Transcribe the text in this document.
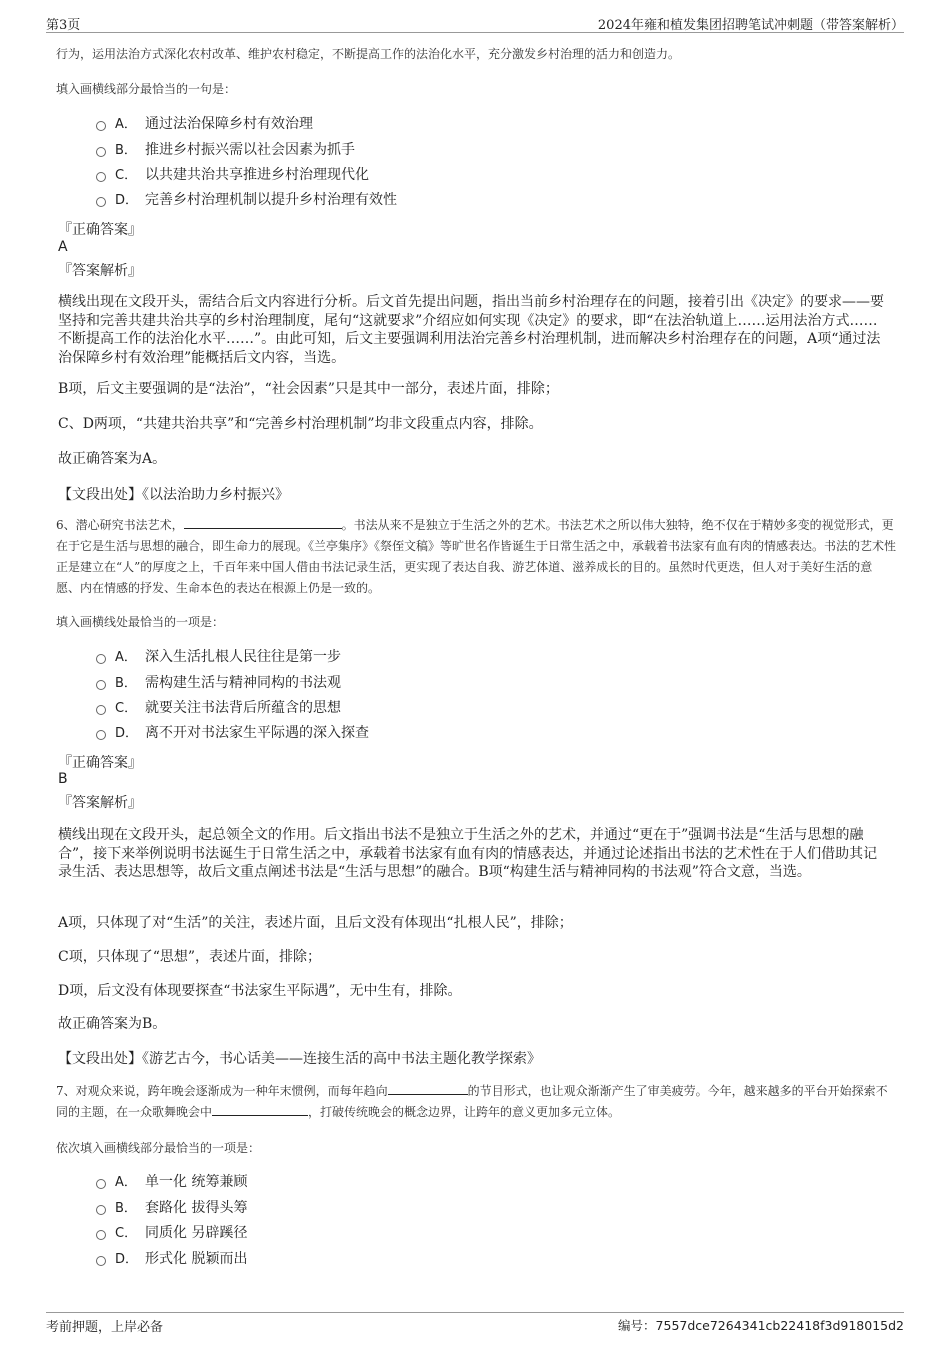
第3页	2024年雍和植发集团招聘笔试冲刺题（带答案解析）
行为，运用法治方式深化农村改革、维护农村稳定，不断提高工作的法治化水平，充分激发乡村治理的活力和创造力。
填入画横线部分最恰当的一句是：
A． 通过法治保障乡村有效治理
B． 推进乡村振兴需以社会因素为抓手
C． 以共建共治共享推进乡村治理现代化
D． 完善乡村治理机制以提升乡村治理有效性
『正确答案』
A
『答案解析』
横线出现在文段开头，需结合后文内容进行分析。后文首先提出问题，指出当前乡村治理存在的问题，接着引出《决定》的要求——要坚持和完善共建共治共享的乡村治理制度，尾句“这就要求”介绍应如何实现《决定》的要求，即“在法治轨道上……运用法治方式……不断提高工作的法治化水平……”。由此可知，后文主要强调利用法治完善乡村治理机制，进而解决乡村治理存在的问题，A项“通过法治保障乡村有效治理”能概括后文内容，当选。
B项，后文主要强调的是“法治”，“社会因素”只是其中一部分，表述片面，排除；
C、D两项，“共建共治共享”和“完善乡村治理机制”均非文段重点内容，排除。
故正确答案为A。
【文段出处】《以法治助力乡村振兴》
6、潜心研究书法艺术，	。书法从来不是独立于生活之外的艺术。书法艺术之所以伟大独特，绝不仅在于精妙多变的视觉形式，更在于它是生活与思想的融合，即生命力的展现。《兰亭集序》《祭侄文稿》等旷世名作皆诞生于日常生活之中，承载着书法家有血有肉的情感表达。书法的艺术性正是建立在“人”的厚度之上，千百年来中国人借由书法记录生活，更实现了表达自我、游艺体道、滋养成长的目的。虽然时代更迭，但人对于美好生活的意愿、内在情感的抒发、生命本色的表达在根源上仍是一致的。
填入画横线处最恰当的一项是：
A． 深入生活扎根人民往往是第一步
B． 需构建生活与精神同构的书法观
C． 就要关注书法背后所蕴含的思想
D． 离不开对书法家生平际遇的深入探查
『正确答案』
B
『答案解析』
横线出现在文段开头，起总领全文的作用。后文指出书法不是独立于生活之外的艺术，并通过“更在于”强调书法是“生活与思想的融合”，接下来举例说明书法诞生于日常生活之中，承载着书法家有血有肉的情感表达，并通过论述指出书法的艺术性在于人们借助其记录生活、表达思想等，故后文重点阐述书法是“生活与思想”的融合。B项“构建生活与精神同构的书法观”符合文意，当选。
A项，只体现了对“生活”的关注，表述片面，且后文没有体现出“扎根人民”，排除；
C项，只体现了“思想”，表述片面，排除；
D项，后文没有体现要探查“书法家生平际遇”，无中生有，排除。
故正确答案为B。
【文段出处】《游艺古今，书心话美——连接生活的高中书法主题化教学探索》
7、对观众来说，跨年晚会逐渐成为一种年末惯例，而每年趋向	的节目形式，也让观众渐渐产生了审美疲劳。今年，越来越多的平台开始探索不同的主题，在一众歌舞晚会中	，打破传统晚会的概念边界，让跨年的意义更加多元立体。
依次填入画横线部分最恰当的一项是：
A． 单一化 统筹兼顾
B． 套路化 拔得头筹
C． 同质化 另辟蹊径
D． 形式化 脱颖而出
考前押题，上岸必备	编号：7557dce7264341cb22418f3d918015d2
